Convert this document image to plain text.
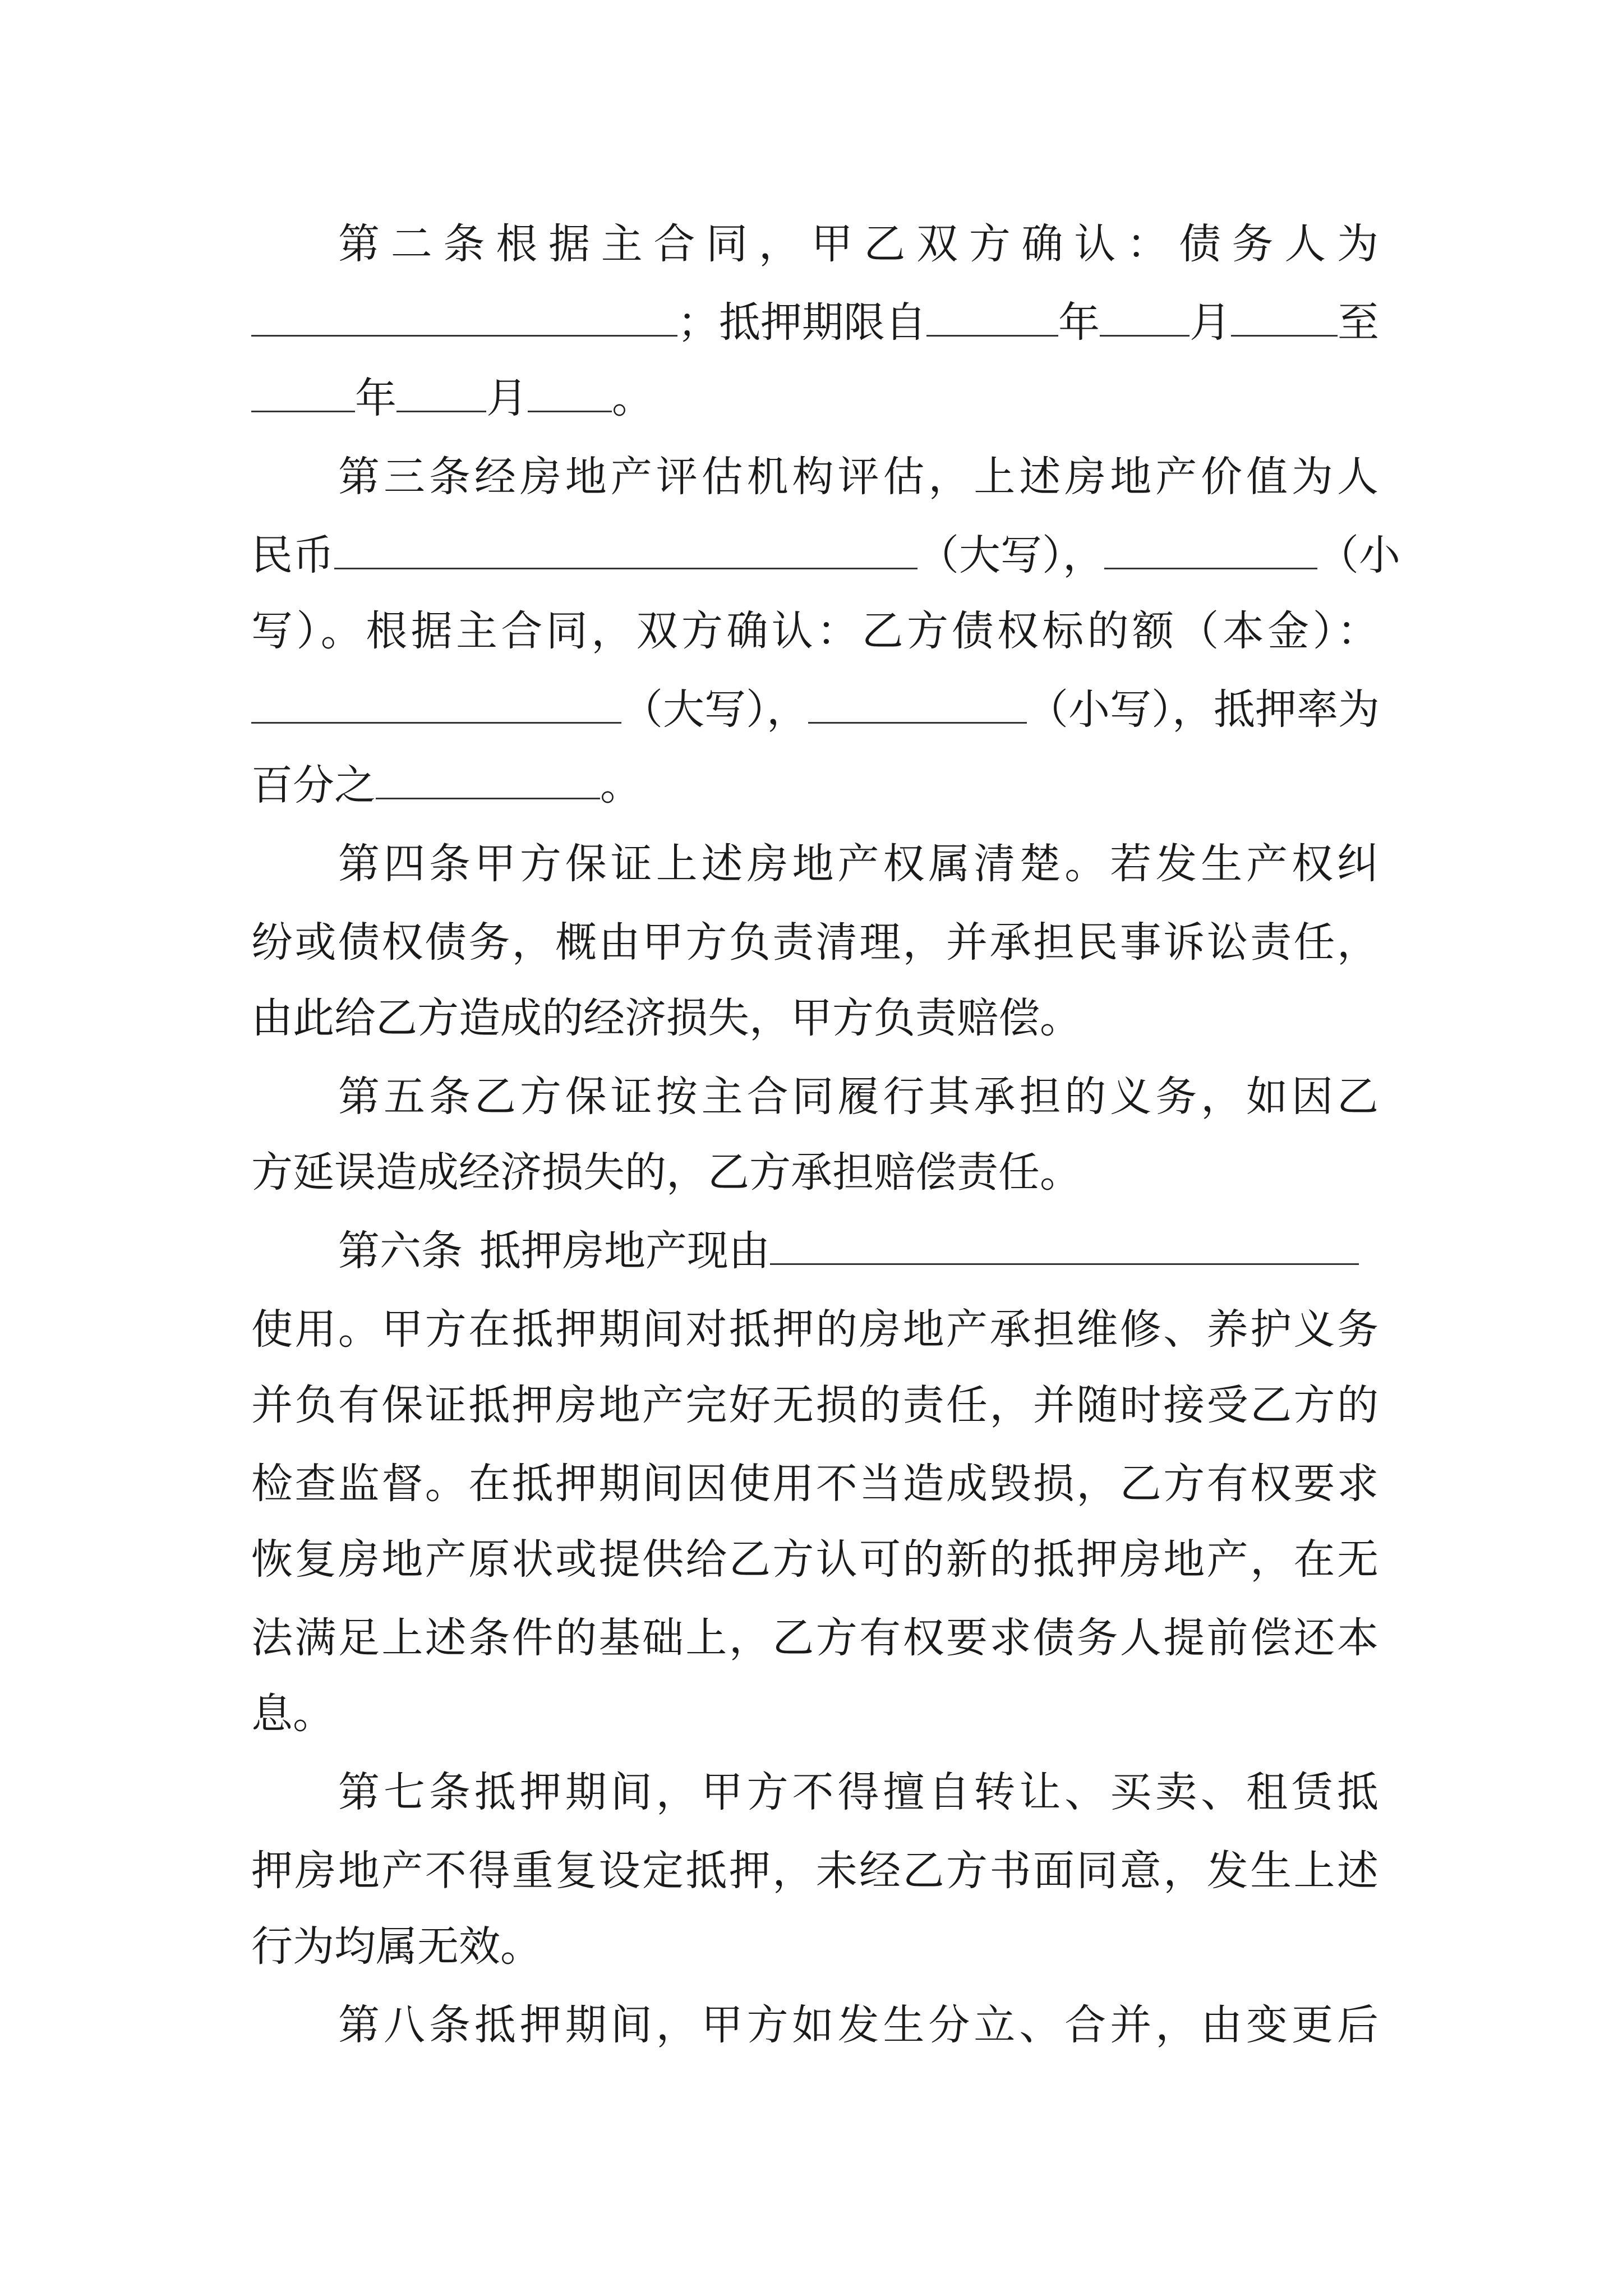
第二条根据主合同，甲乙双方确认：债务人为
；抵押期限自	年 月	至
年 月 。
第三条经房地产评估机构评估，上述房地产价值为人
民币	（大写），	（小
写）。根据主合同，双方确认：乙方债权标的额（本金）：
（大写），	（小写），抵押率为
百分之	。
第四条甲方保证上述房地产权属清楚。若发生产权纠
纷或债权债务，概由甲方负责清理，并承担民事诉讼责任，
由此给乙方造成的经济损失，甲方负责赔偿。
第五条乙方保证按主合同履行其承担的义务，如因乙
方延误造成经济损失的，乙方承担赔偿责任。
第六条 抵押房地产现由
使用。甲方在抵押期间对抵押的房地产承担维修、养护义务
并负有保证抵押房地产完好无损的责任，并随时接受乙方的
检查监督。在抵押期间因使用不当造成毁损，乙方有权要求
恢复房地产原状或提供给乙方认可的新的抵押房地产，在无
法满足上述条件的基础上，乙方有权要求债务人提前偿还本
息。
第七条抵押期间，甲方不得擅自转让、买卖、租赁抵
押房地产不得重复设定抵押，未经乙方书面同意，发生上述
行为均属无效。
第八条抵押期间，甲方如发生分立、合并，由变更后
